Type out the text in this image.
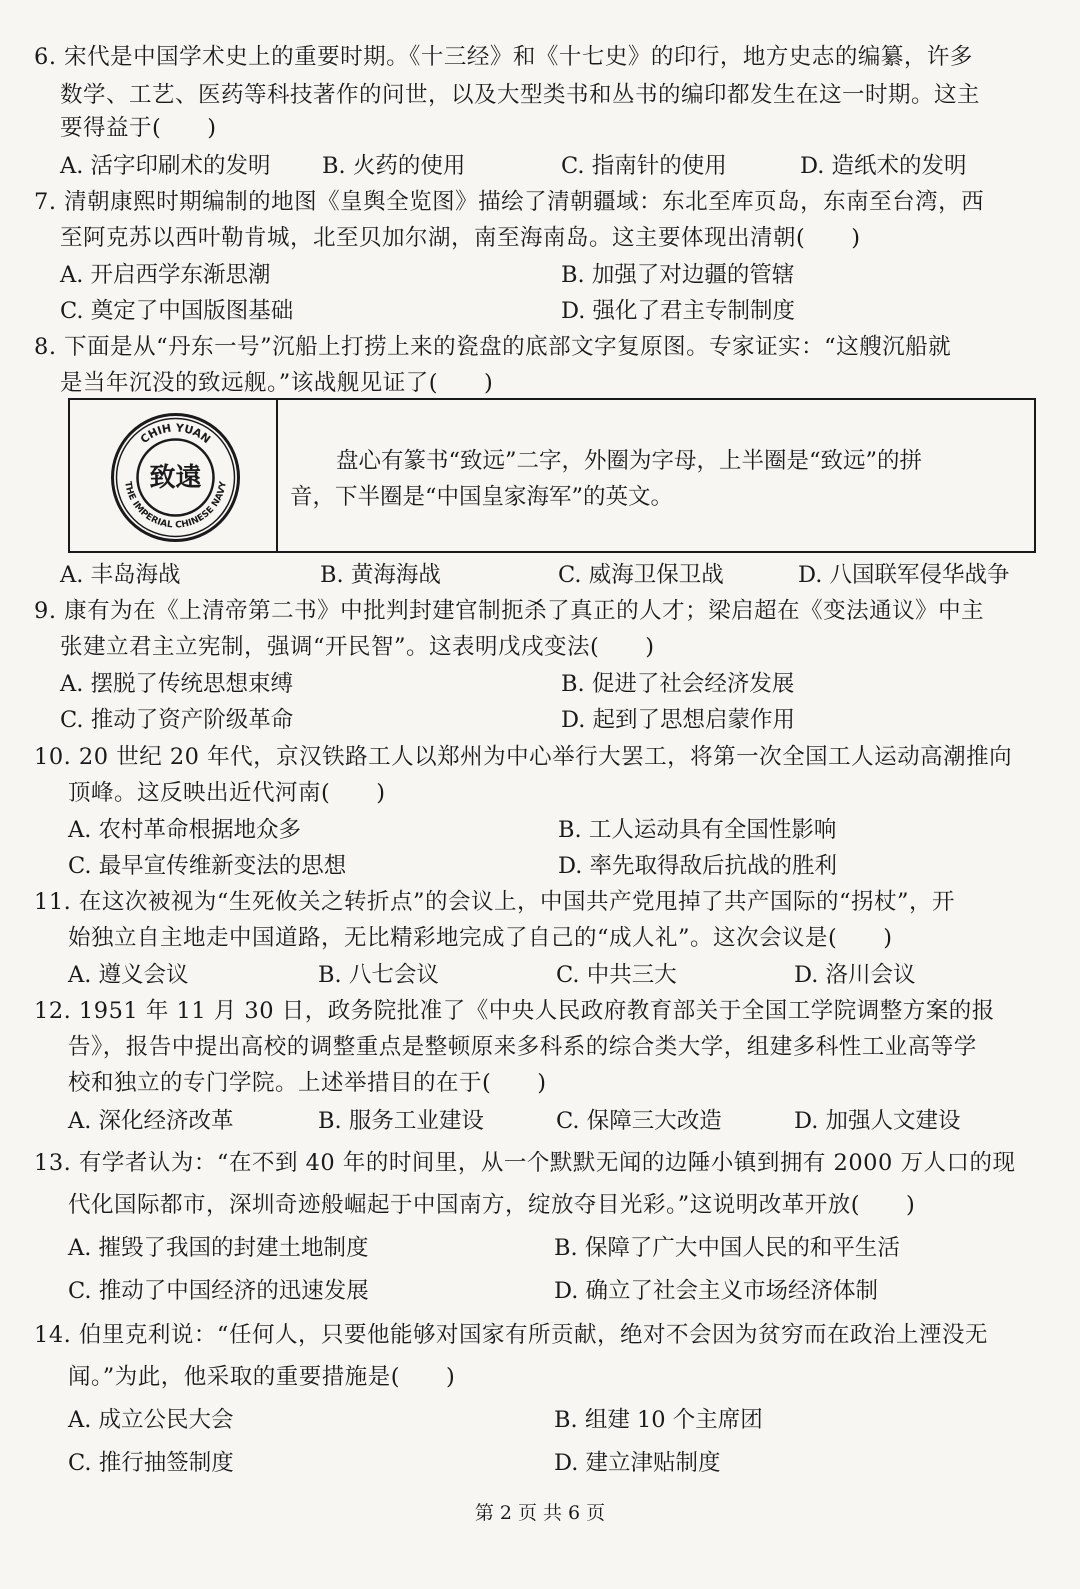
6. 宋代是中国学术史上的重要时期。《十三经》和《十七史》的印行，地方史志的编纂，许多
数学、工艺、医药等科技著作的问世，以及大型类书和丛书的编印都发生在这一时期。这主
要得益于(　　)
A. 活字印刷术的发明 B. 火药的使用	C. 指南针的使用	D. 造纸术的发明
7. 清朝康熙时期编制的地图《皇舆全览图》描绘了清朝疆域：东北至库页岛，东南至台湾，西
至阿克苏以西叶勒肯城，北至贝加尔湖，南至海南岛。这主要体现出清朝(　　)
A. 开启西学东渐思潮	B. 加强了对边疆的管辖
C. 奠定了中国版图基础	D. 强化了君主专制制度
8. 下面是从“丹东一号”沉船上打捞上来的瓷盘的底部文字复原图。专家证实：“这艘沉船就
是当年沉没的致远舰。”该战舰见证了(　　)
CHIH YUAN
THE IMPERIAL CHINESE NAVY
致遠
盘心有篆书“致远”二字，外圈为字母，上半圈是“致远”的拼
音，下半圈是“中国皇家海军”的英文。
A. 丰岛海战	B. 黄海海战	C. 威海卫保卫战	D. 八国联军侵华战争
9. 康有为在《上清帝第二书》中批判封建官制扼杀了真正的人才；梁启超在《变法通议》中主
张建立君主立宪制，强调“开民智”。这表明戊戌变法(　　)
A. 摆脱了传统思想束缚	B. 促进了社会经济发展
C. 推动了资产阶级革命	D. 起到了思想启蒙作用
10. 20 世纪 20 年代，京汉铁路工人以郑州为中心举行大罢工，将第一次全国工人运动高潮推向
顶峰。这反映出近代河南(　　)
A. 农村革命根据地众多	B. 工人运动具有全国性影响
C. 最早宣传维新变法的思想	D. 率先取得敌后抗战的胜利
11. 在这次被视为“生死攸关之转折点”的会议上，中国共产党甩掉了共产国际的“拐杖”，开
始独立自主地走中国道路，无比精彩地完成了自己的“成人礼”。这次会议是(　　)
A. 遵义会议	B. 八七会议	C. 中共三大	D. 洛川会议
12. 1951 年 11 月 30 日，政务院批准了《中央人民政府教育部关于全国工学院调整方案的报
告》，报告中提出高校的调整重点是整顿原来多科系的综合类大学，组建多科性工业高等学
校和独立的专门学院。上述举措目的在于(　　)
A. 深化经济改革	B. 服务工业建设	C. 保障三大改造	D. 加强人文建设
13. 有学者认为：“在不到 40 年的时间里，从一个默默无闻的边陲小镇到拥有 2000 万人口的现
代化国际都市，深圳奇迹般崛起于中国南方，绽放夺目光彩。”这说明改革开放(　　)
A. 摧毁了我国的封建土地制度	B. 保障了广大中国人民的和平生活
C. 推动了中国经济的迅速发展	D. 确立了社会主义市场经济体制
14. 伯里克利说：“任何人，只要他能够对国家有所贡献，绝对不会因为贫穷而在政治上湮没无
闻。”为此，他采取的重要措施是(　　)
A. 成立公民大会	B. 组建 10 个主席团
C. 推行抽签制度	D. 建立津贴制度
第 2 页 共 6 页
